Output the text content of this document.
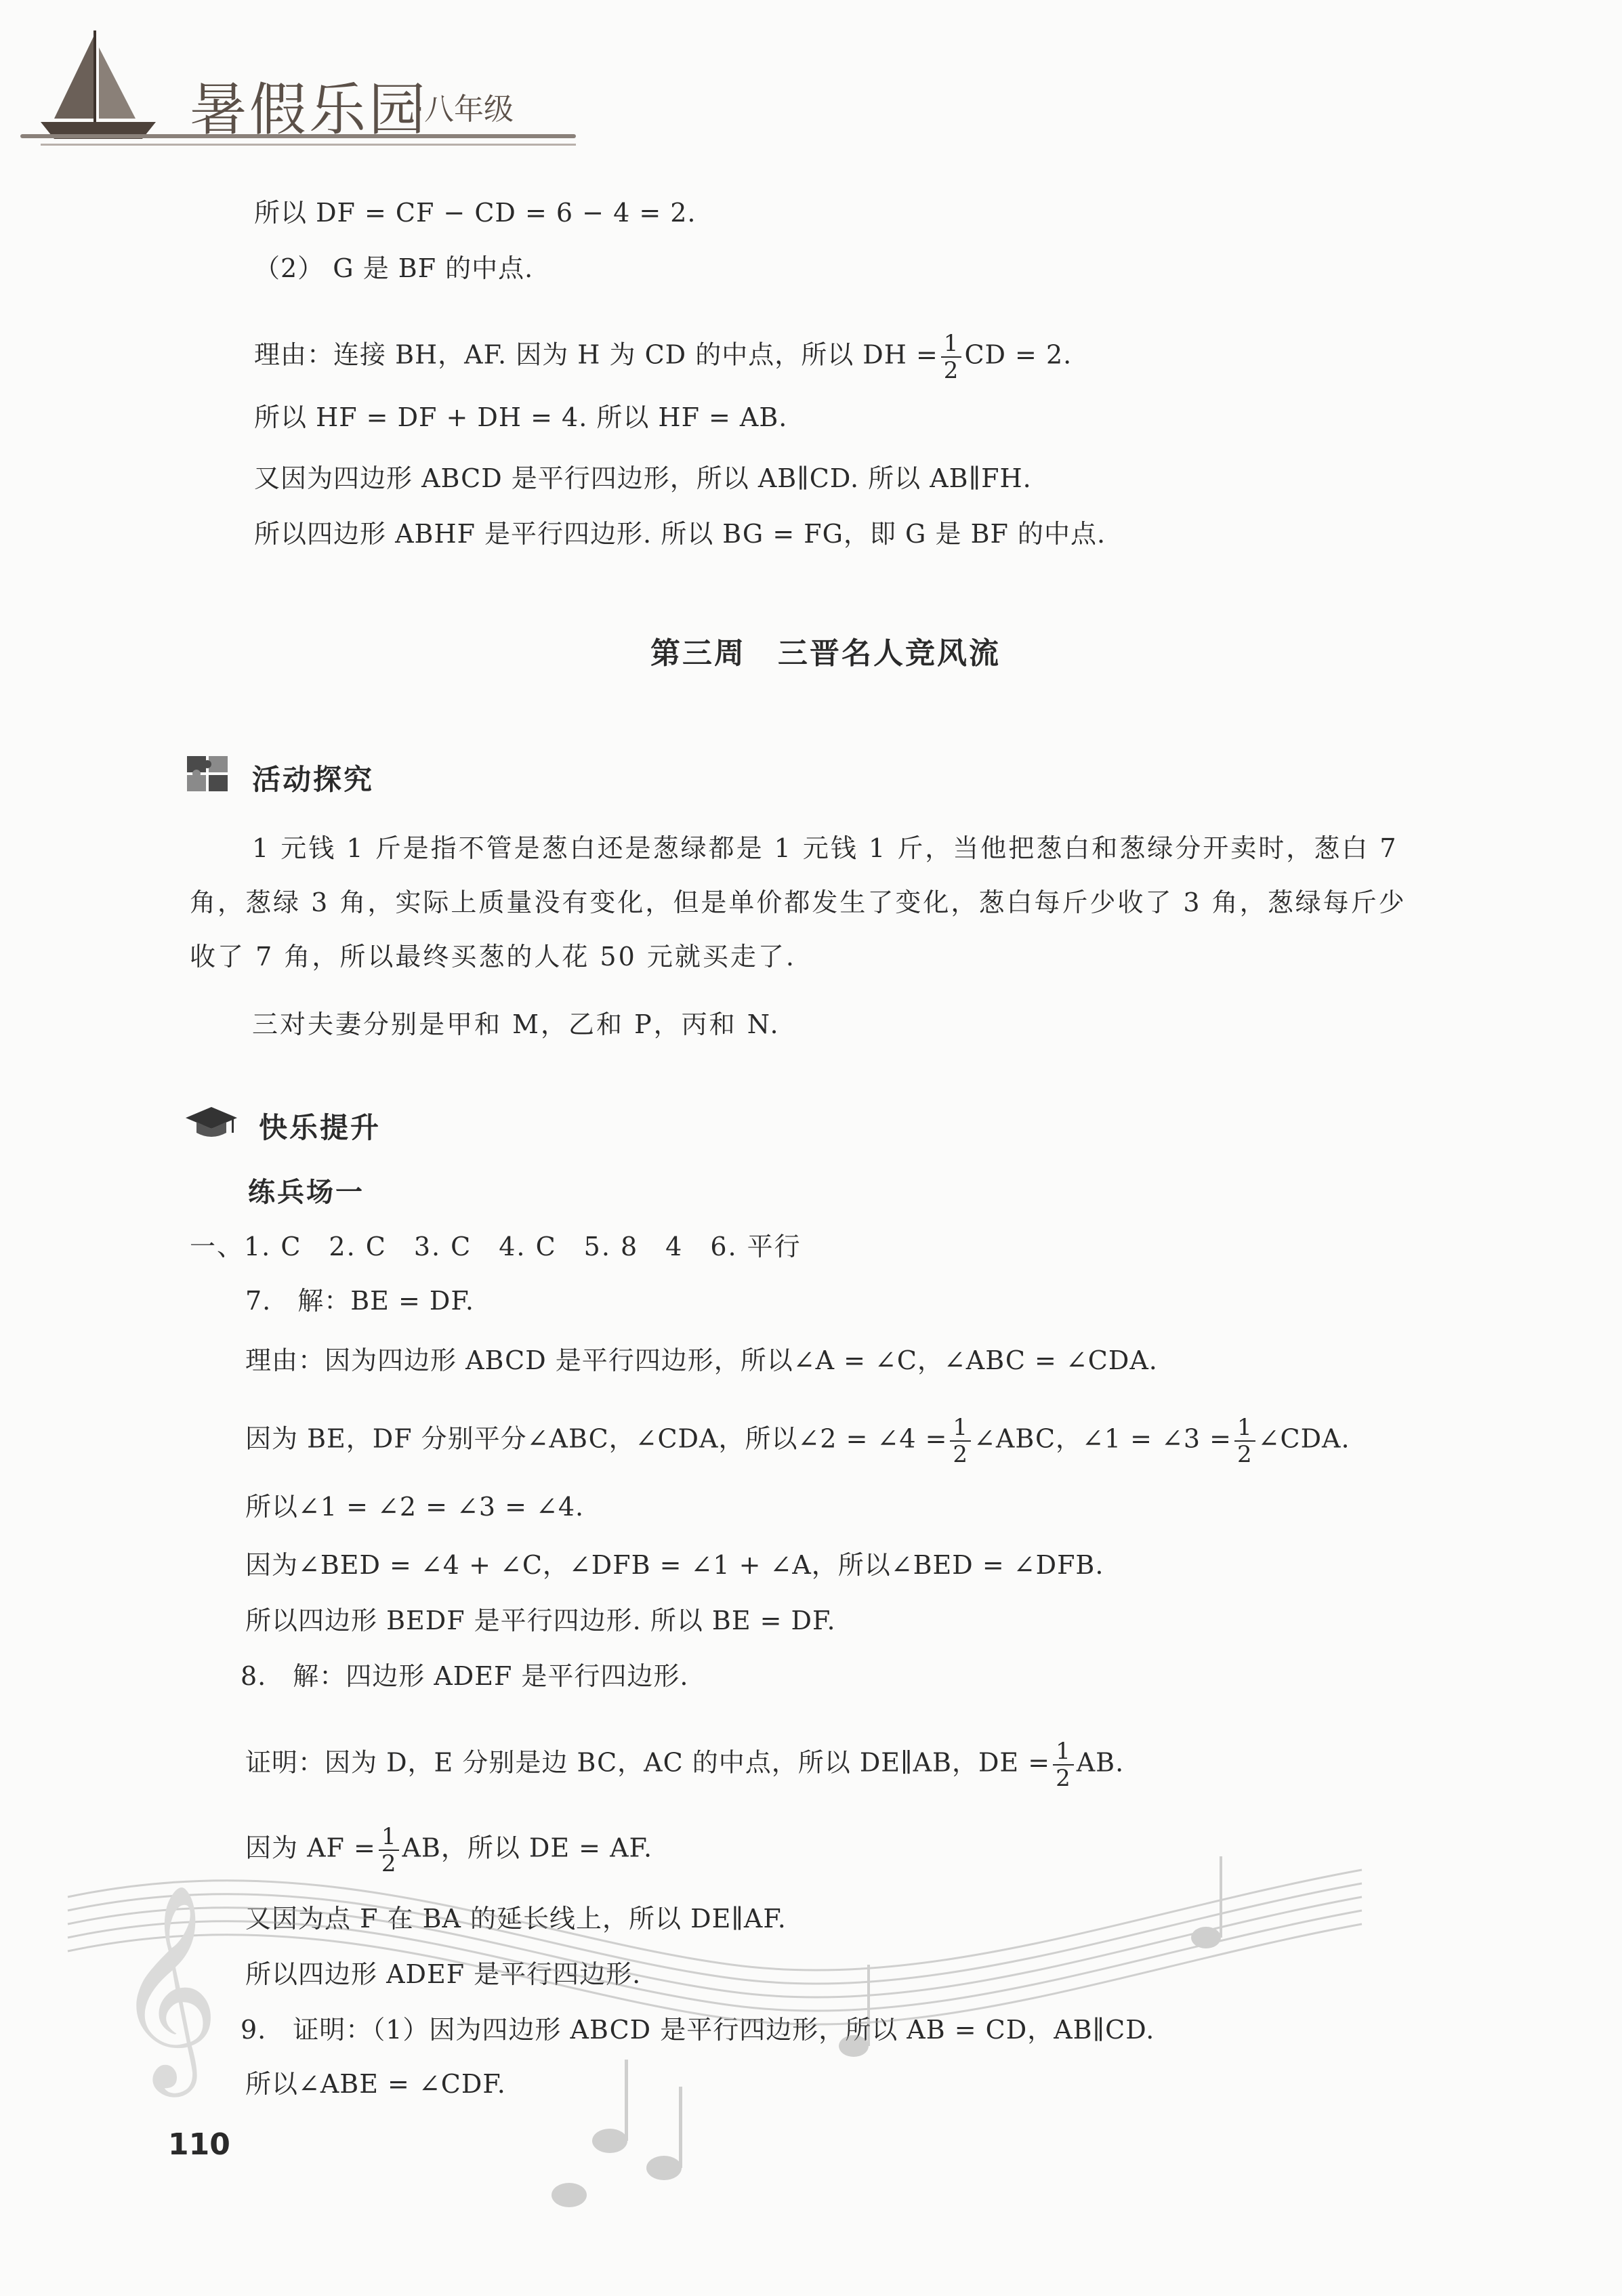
暑假乐园
·八年级
所以 DF = CF − CD = 6 − 4 = 2.
（2） G 是 BF 的中点.
理由：连接 BH，AF. 因为 H 为 CD 的中点，所以 DH = $\frac{1}{2}$ CD = 2.
所以 HF = DF + DH = 4. 所以 HF = AB.
又因为四边形 ABCD 是平行四边形，所以 AB∥CD. 所以 AB∥FH.
所以四边形 ABHF 是平行四边形. 所以 BG = FG，即 G 是 BF 的中点.
第三周　三晋名人竞风流
活动探究
1 元钱 1 斤是指不管是葱白还是葱绿都是 1 元钱 1 斤，当他把葱白和葱绿分开卖时，葱白 7 角，葱绿 3 角，实际上质量没有变化，但是单价都发生了变化，葱白每斤少收了 3 角，葱绿每斤少收了 7 角，所以最终买葱的人花 50 元就买走了.
三对夫妻分别是甲和 M，乙和 P，丙和 N.
快乐提升
练兵场一
一、1. C　2. C　3. C　4. C　5. 8　4　6. 平行
7.　解：BE = DF.
理由：因为四边形 ABCD 是平行四边形，所以∠A = ∠C，∠ABC = ∠CDA.
因为 BE，DF 分别平分∠ABC，∠CDA，所以∠2 = ∠4 = $\frac{1}{2}$ ∠ABC，∠1 = ∠3 = $\frac{1}{2}$ ∠CDA.
所以∠1 = ∠2 = ∠3 = ∠4.
因为∠BED = ∠4 + ∠C，∠DFB = ∠1 + ∠A，所以∠BED = ∠DFB.
所以四边形 BEDF 是平行四边形. 所以 BE = DF.
8.　解：四边形 ADEF 是平行四边形.
证明：因为 D，E 分别是边 BC，AC 的中点，所以 DE∥AB，DE = $\frac{1}{2}$ AB.
因为 AF = $\frac{1}{2}$ AB，所以 DE = AF.
又因为点 F 在 BA 的延长线上，所以 DE∥AF.
所以四边形 ADEF 是平行四边形.
9.　证明：（1）因为四边形 ABCD 是平行四边形，所以 AB = CD，AB∥CD.
所以∠ABE = ∠CDF.
𝄞
110
